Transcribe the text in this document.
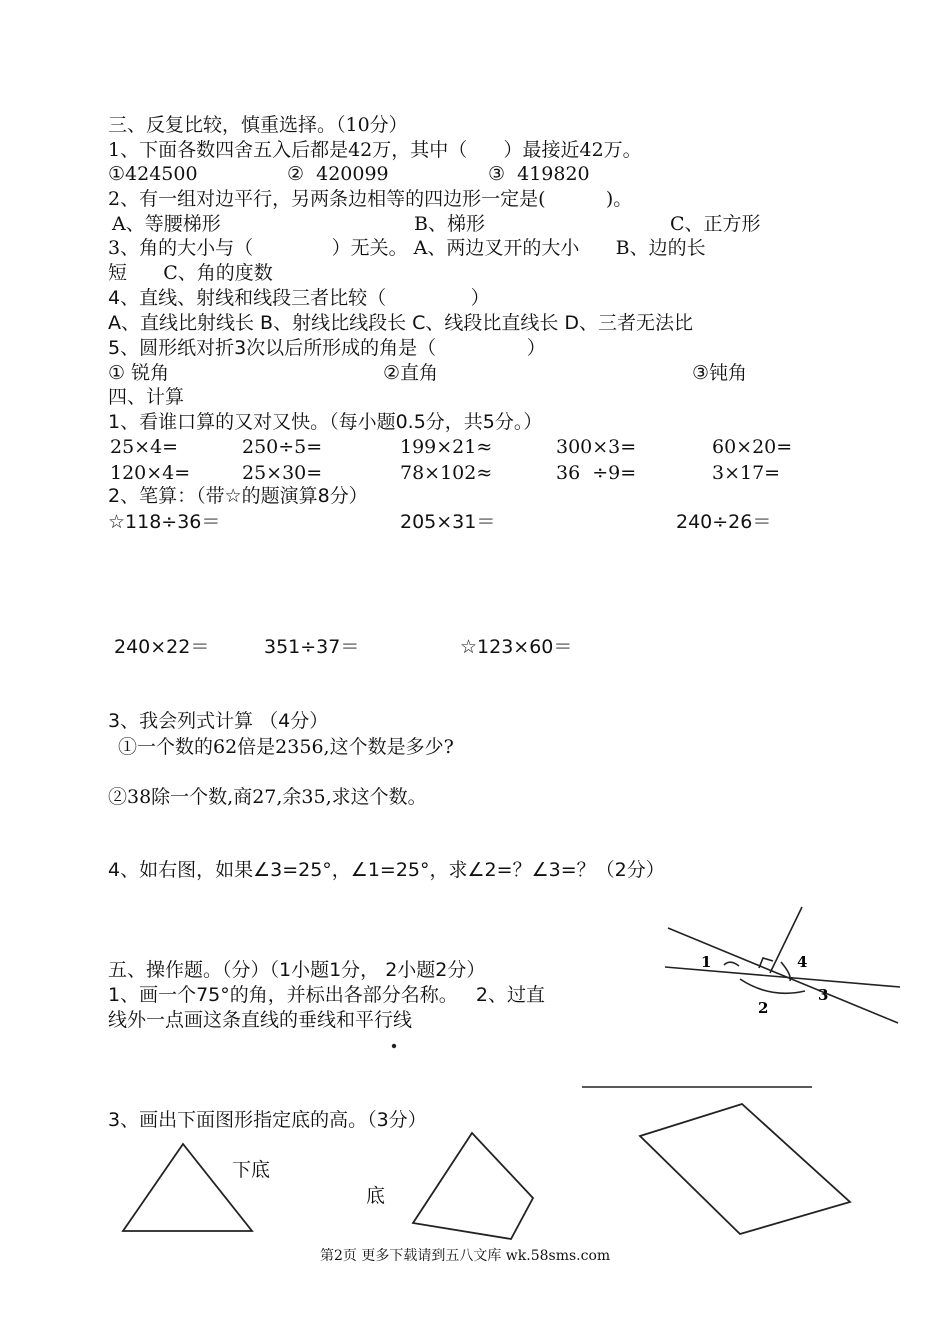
三、反复比较，慎重选择。（10分）
1、下面各数四舍五入后都是42万，其中（      ）最接近42万。
①424500	②  420099	③  419820
2、有一组对边平行，另两条边相等的四边形一定是(          )。
A、等腰梯形	B、梯形	C、正方形
3、角的大小与（             ）无关。 A、两边叉开的大小      B、边的长
短      C、角的度数
4、直线、射线和线段三者比较（              ）
A、直线比射线长 B、射线比线段长 C、线段比直线长 D、三者无法比
5、圆形纸对折3次以后所形成的角是（               ）
① 锐角	②直角	③钝角
四、计算
1、看谁口算的又对又快。（每小题0.5分，共5分。）
25×4=	250÷5=	199×21≈	300×3=	60×20=
120×4=	25×30=	78×102≈	36  ÷9=	3×17=
2、笔算：（带☆的题演算8分）
☆118÷36＝	205×31＝	240÷26＝
240×22＝	351÷37＝	☆123×60＝
3、我会列式计算 （4分）
①一个数的62倍是2356,这个数是多少?
②38除一个数,商27,余35,求这个数。
4、如右图，如果∠3=25°，∠1=25°，求∠2=？∠3=？（2分）
1
2
3
4
五、操作题。（分）（1小题1分， 2小题2分）
1、画一个75°的角，并标出各部分名称。   2、过直
线外一点画这条直线的垂线和平行线
3、画出下面图形指定底的高。（3分）
下底
底
第2页 更多下载请到五八文库 wk.58sms.com
